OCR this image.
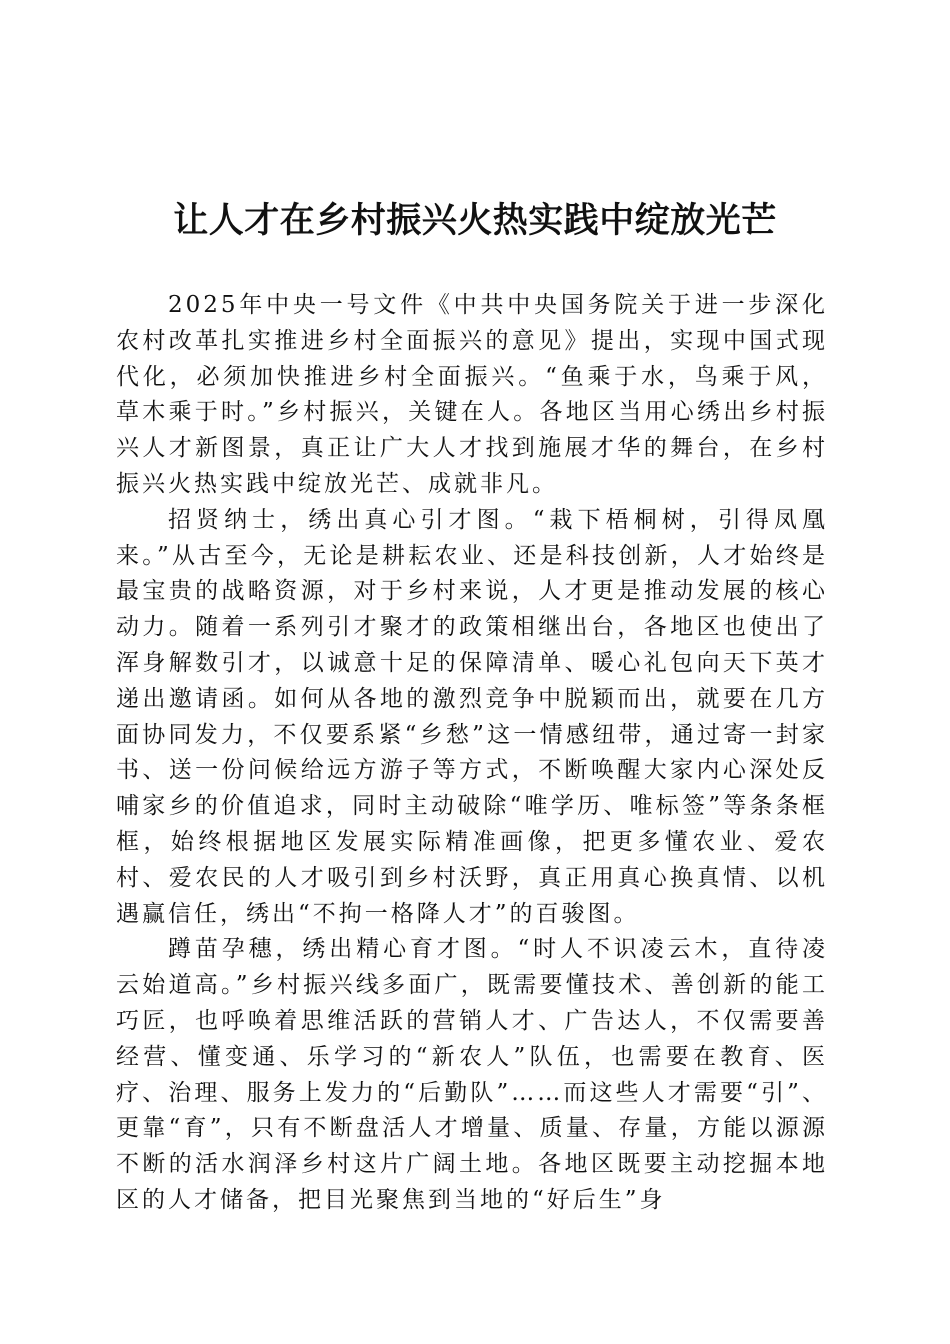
让人才在乡村振兴火热实践中绽放光芒

2025年中央一号文件《中共中央国务院关于进一步深化农村改革扎实推进乡村全面振兴的意见》提出，实现中国式现代化，必须加快推进乡村全面振兴。“鱼乘于水，鸟乘于风，草木乘于时。”乡村振兴，关键在人。各地区当用心绣出乡村振兴人才新图景，真正让广大人才找到施展才华的舞台，在乡村振兴火热实践中绽放光芒、成就非凡。

招贤纳士，绣出真心引才图。“栽下梧桐树，引得凤凰来。”从古至今，无论是耕耘农业、还是科技创新，人才始终是最宝贵的战略资源，对于乡村来说，人才更是推动发展的核心动力。随着一系列引才聚才的政策相继出台，各地区也使出了浑身解数引才，以诚意十足的保障清单、暖心礼包向天下英才递出邀请函。如何从各地的激烈竞争中脱颖而出，就要在几方面协同发力，不仅要系紧“乡愁”这一情感纽带，通过寄一封家书、送一份问候给远方游子等方式，不断唤醒大家内心深处反哺家乡的价值追求，同时主动破除“唯学历、唯标签”等条条框框，始终根据地区发展实际精准画像，把更多懂农业、爱农村、爱农民的人才吸引到乡村沃野，真正用真心换真情、以机遇赢信任，绣出“不拘一格降人才”的百骏图。

蹲苗孕穗，绣出精心育才图。“时人不识凌云木，直待凌云始道高。”乡村振兴线多面广，既需要懂技术、善创新的能工巧匠，也呼唤着思维活跃的营销人才、广告达人，不仅需要善经营、懂变通、乐学习的“新农人”队伍，也需要在教育、医疗、治理、服务上发力的“后勤队”……而这些人才需要“引”、更靠“育”，只有不断盘活人才增量、质量、存量，方能以源源不断的活水润泽乡村这片广阔土地。各地区既要主动挖掘本地区的人才储备，把目光聚焦到当地的“好后生”身
